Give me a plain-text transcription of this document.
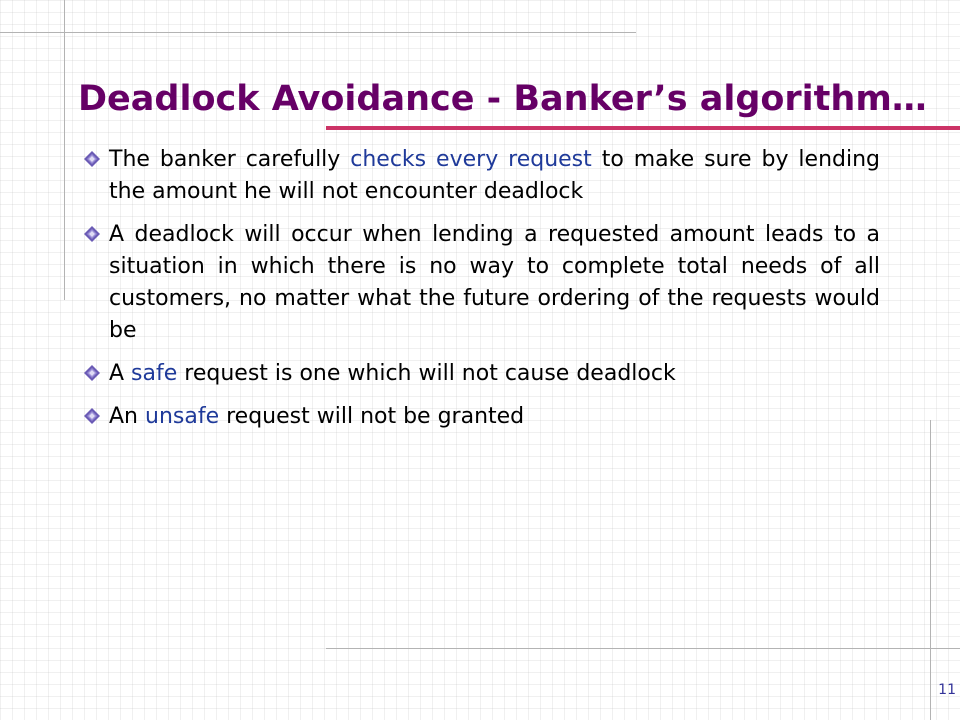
Deadlock Avoidance - Banker’s algorithm…
The banker carefully checks every request to make sure by lending the amount he will not encounter deadlock
A deadlock will occur when lending a requested amount leads to a situation in which there is no way to complete total needs of all customers, no matter what the future ordering of the requests would be
A safe request is one which will not cause deadlock
An unsafe request will not be granted
11
